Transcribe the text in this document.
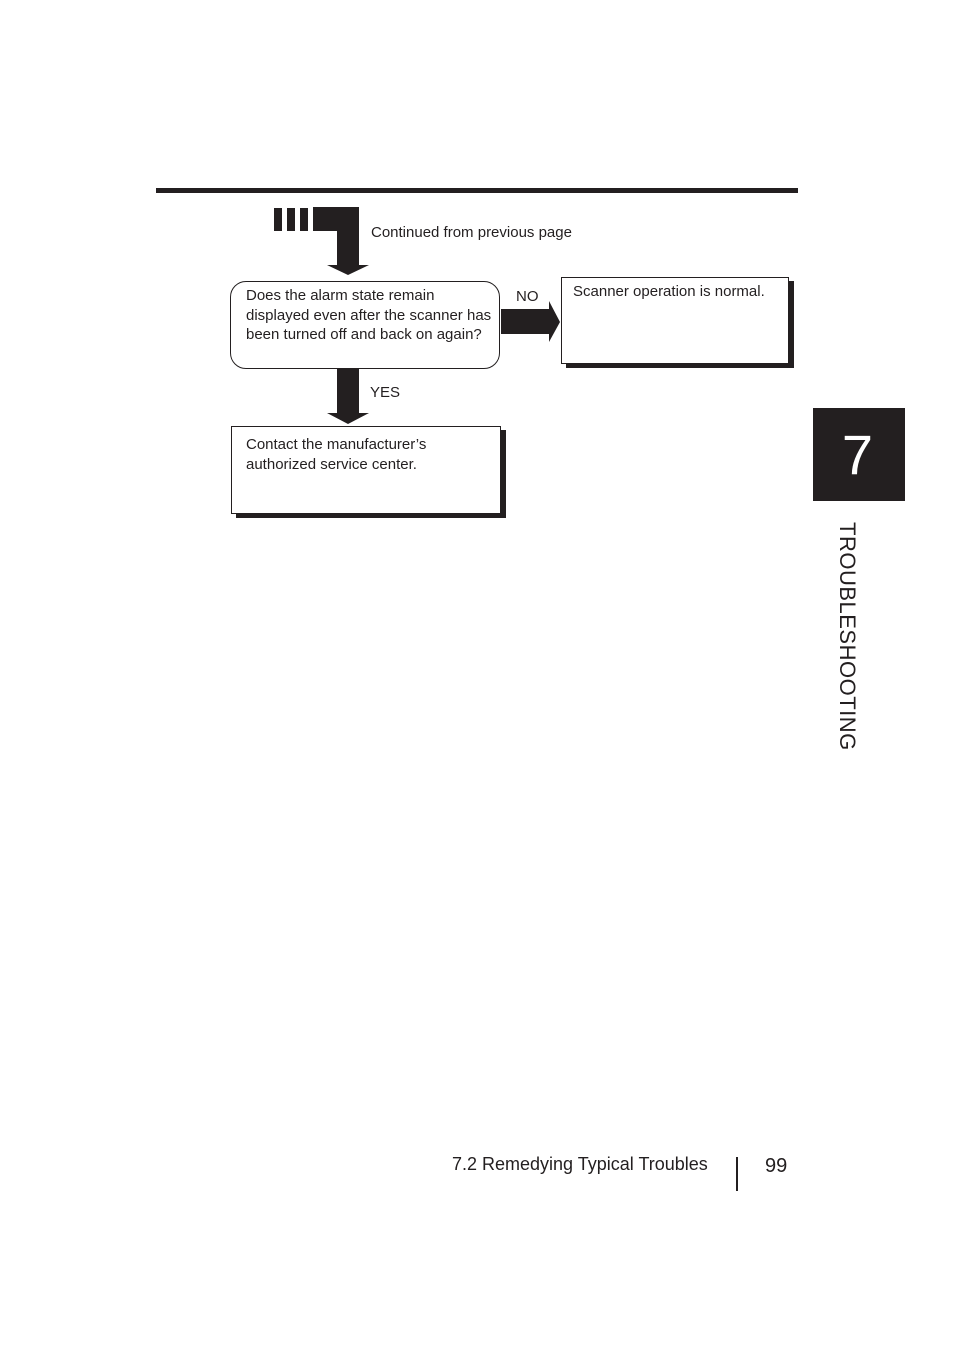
Continued from previous page
Does the alarm state remain displayed even after the scanner has been turned off and back on again?
NO Scanner operation is normal.
YES
Contact the manufacturer’s authorized service center.	7
TROUBLESHOOTING
7.2 Remedying Typical Troubles	99
